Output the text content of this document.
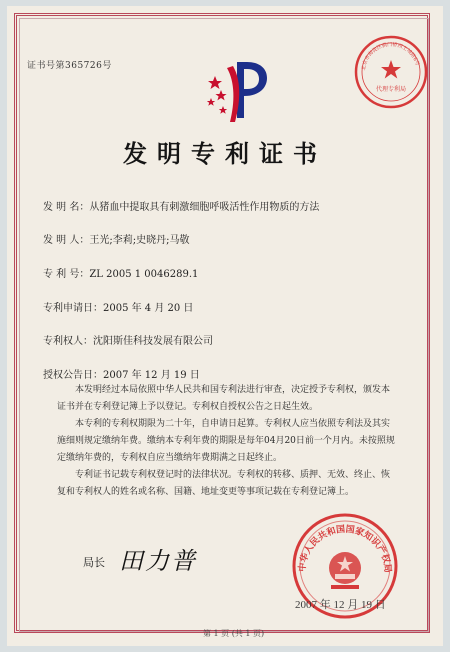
证书号第365726号
代理专利局
北京市海淀区蓟门桥西土城路6号
发明专利证书
发 明 名：从猪血中提取具有刺激细胞呼吸活性作用物质的方法
发 明 人：王光;李莉;史晓丹;马敬
专 利 号：ZL 2005 1 0046289.1
专利申请日：2005 年 4 月 20 日
专利权人：沈阳斯佳科技发展有限公司
授权公告日：2007 年 12 月 19 日

本发明经过本局依照中华人民共和国专利法进行审查，决定授予专利权，颁发本证书并在专利登记簿上予以登记。专利权自授权公告之日起生效。

本专利的专利权期限为二十年，自申请日起算。专利权人应当依照专利法及其实施细则规定缴纳年费。缴纳本专利年费的期限是每年04月20日前一个月内。未按照规定缴纳年费的，专利权自应当缴纳年费期满之日起终止。

专利证书记载专利权登记时的法律状况。专利权的转移、质押、无效、终止、恢复和专利权人的姓名或名称、国籍、地址变更等事项记载在专利登记簿上。

中华人民共和国国家知识产权局
局长 田力普
2007 年 12 月 19 日
第 1 页 (共 1 页)
